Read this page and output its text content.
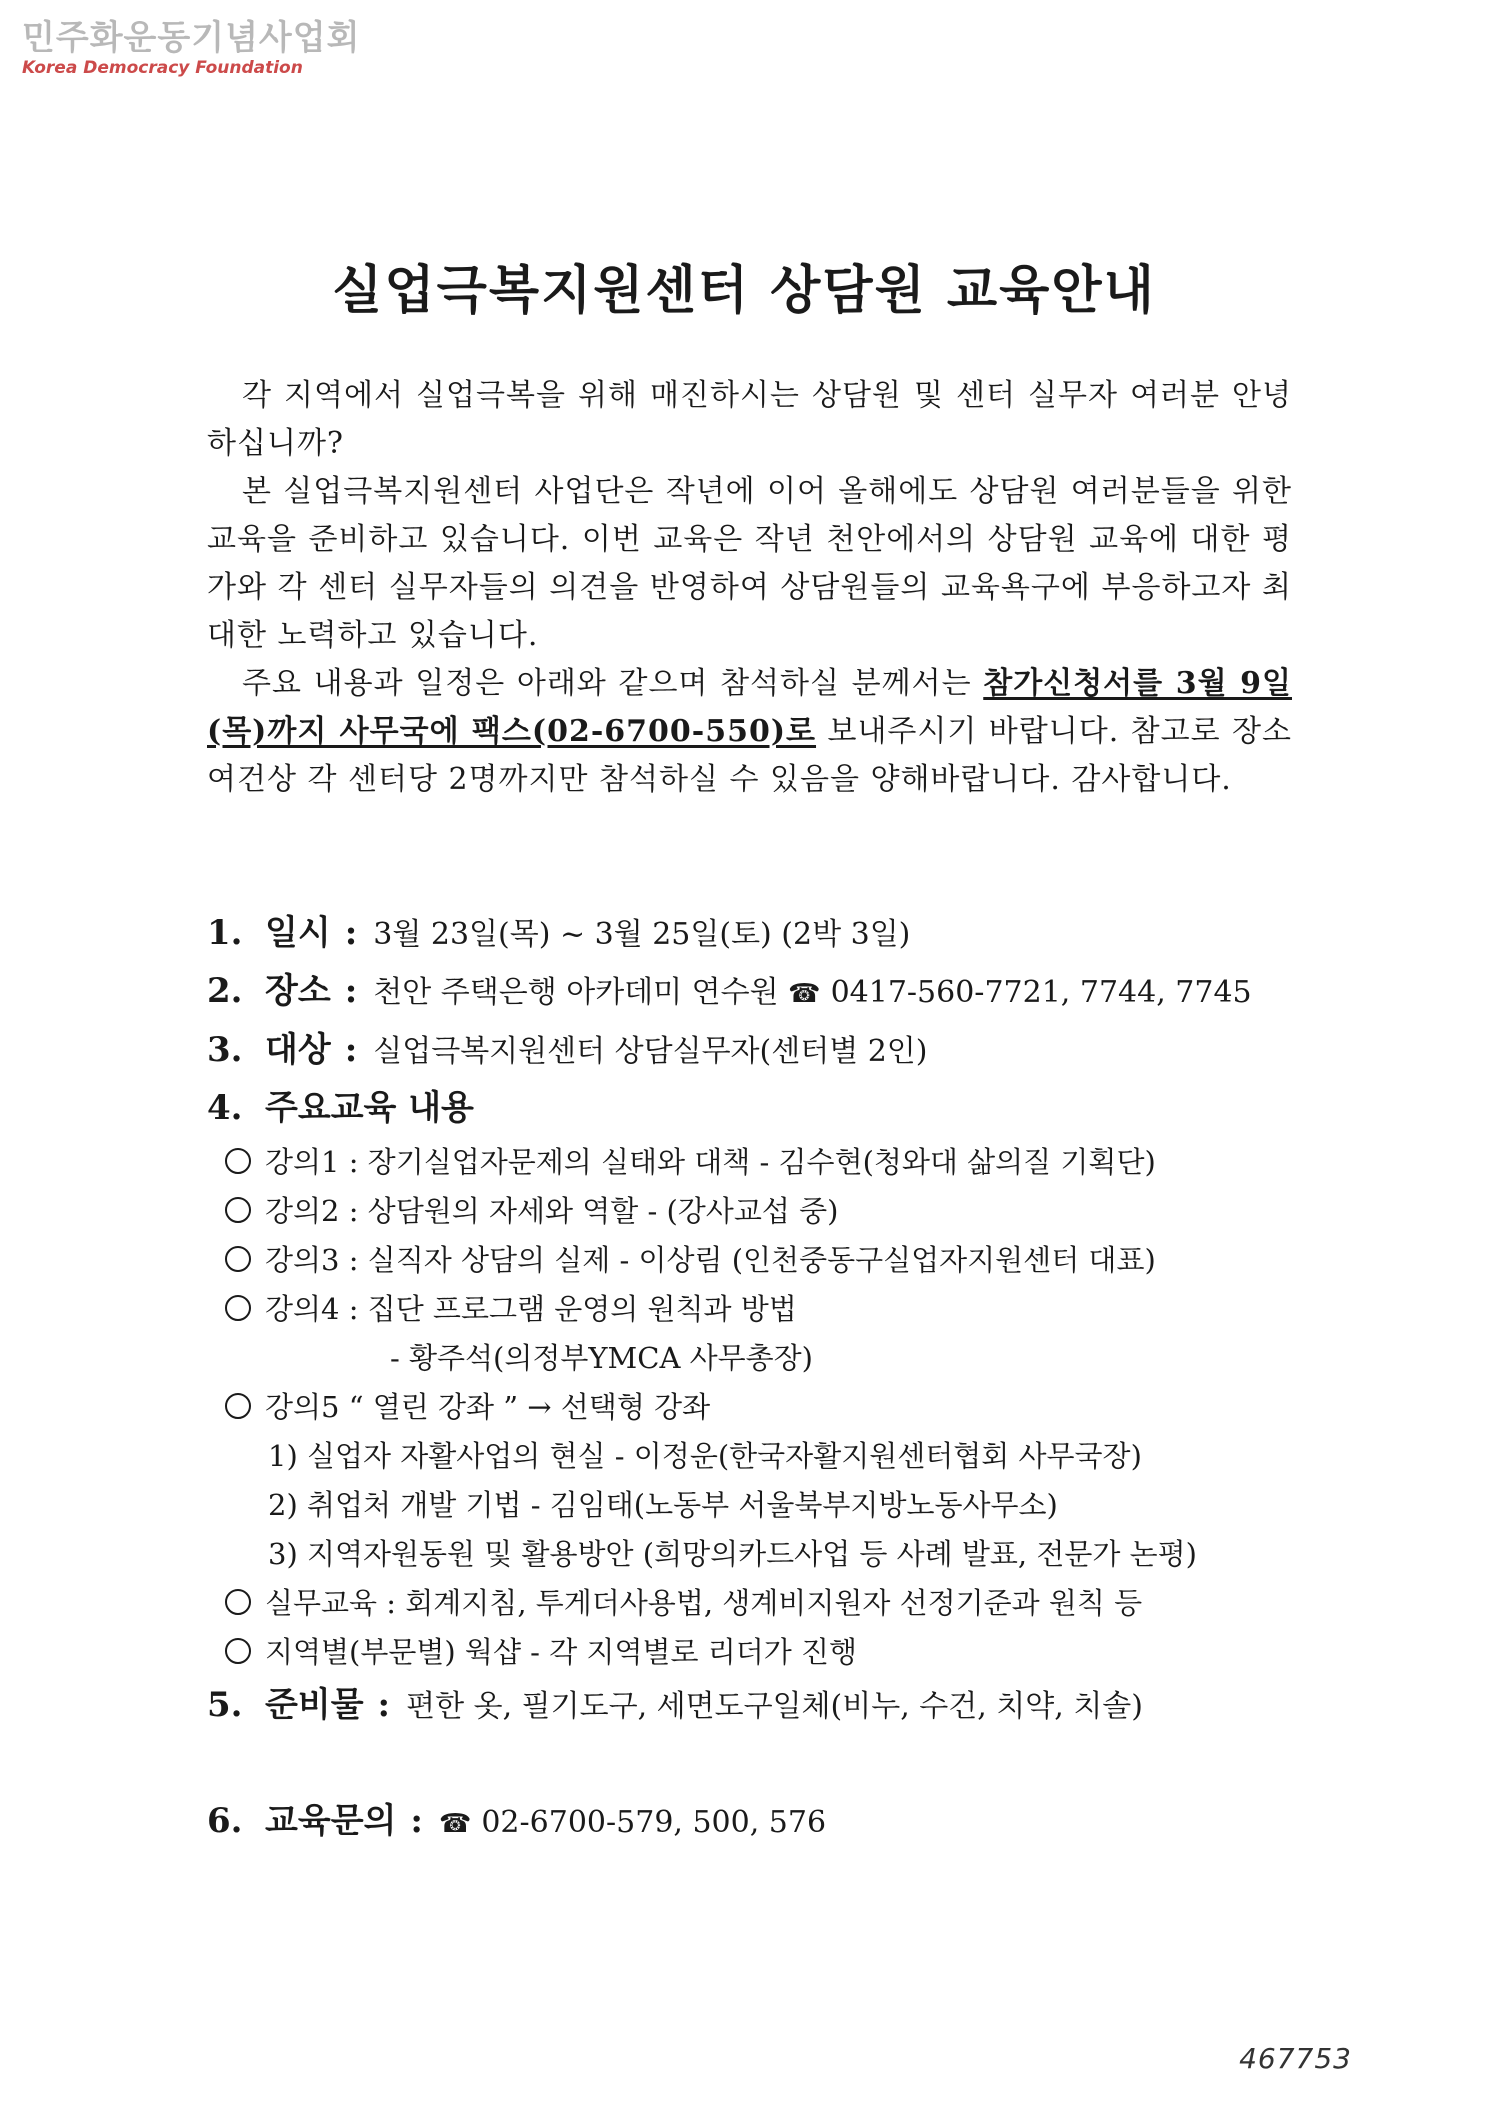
민주화운동기념사업회
Korea Democracy Foundation
실업극복지원센터 상담원 교육안내

각 지역에서 실업극복을 위해 매진하시는 상담원 및 센터 실무자 여러분 안녕하십니까?

본 실업극복지원센터 사업단은 작년에 이어 올해에도 상담원 여러분들을 위한 교육을 준비하고 있습니다. 이번 교육은 작년 천안에서의 상담원 교육에 대한 평가와 각 센터 실무자들의 의견을 반영하여 상담원들의 교육욕구에 부응하고자 최대한 노력하고 있습니다.

주요 내용과 일정은 아래와 같으며 참석하실 분께서는 참가신청서를 3월 9일(목)까지 사무국에 팩스(02-6700-550)로 보내주시기 바랍니다. 참고로 장소여건상 각 센터당 2명까지만 참석하실 수 있음을 양해바랍니다. 감사합니다.

1. 일시 : 3월 23일(목) ~ 3월 25일(토) (2박 3일)
2. 장소 : 천안 주택은행 아카데미 연수원 ☎ 0417-560-7721, 7744, 7745
3. 대상 : 실업극복지원센터 상담실무자(센터별 2인)
4. 주요교육 내용
강의1 : 장기실업자문제의 실태와 대책 - 김수현(청와대 삶의질 기획단)
강의2 : 상담원의 자세와 역할 - (강사교섭 중)
강의3 : 실직자 상담의 실제 - 이상림 (인천중동구실업자지원센터 대표)
강의4 : 집단 프로그램 운영의 원칙과 방법
- 황주석(의정부YMCA 사무총장)
강의5 “ 열린 강좌 ” → 선택형 강좌
1) 실업자 자활사업의 현실 - 이정운(한국자활지원센터협회 사무국장)
2) 취업처 개발 기법 - 김임태(노동부 서울북부지방노동사무소)
3) 지역자원동원 및 활용방안 (희망의카드사업 등 사례 발표, 전문가 논평)
실무교육 : 회계지침, 투게더사용법, 생계비지원자 선정기준과 원칙 등
지역별(부문별) 웍샵 - 각 지역별로 리더가 진행
5. 준비물 : 편한 옷, 필기도구, 세면도구일체(비누, 수건, 치약, 치솔)
6. 교육문의 : ☎ 02-6700-579, 500, 576
467753
